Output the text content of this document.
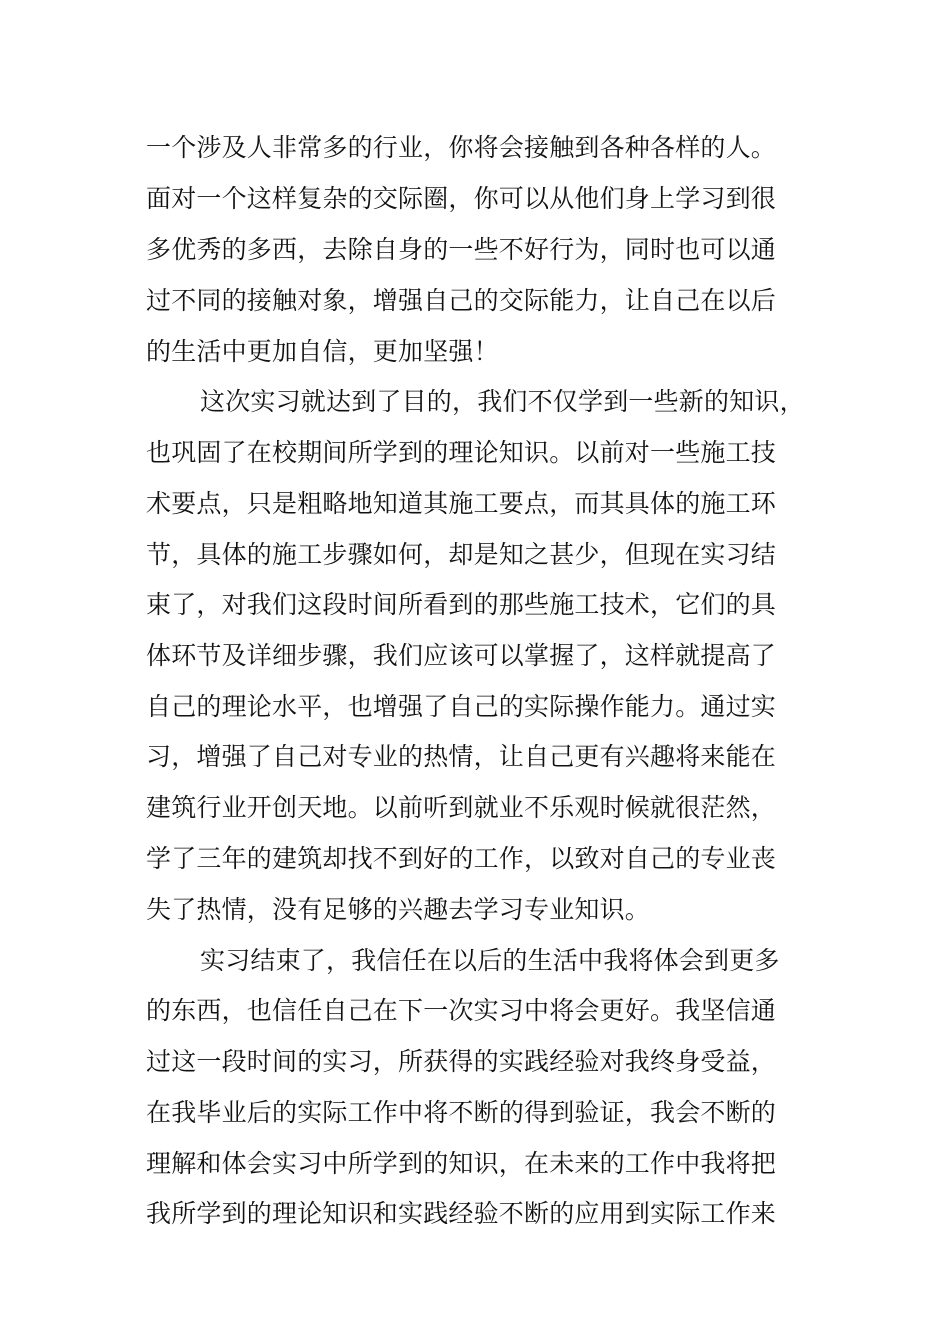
一个涉及人非常多的行业，你将会接触到各种各样的人。
面对一个这样复杂的交际圈，你可以从他们身上学习到很
多优秀的多西，去除自身的一些不好行为，同时也可以通
过不同的接触对象，增强自己的交际能力，让自己在以后
的生活中更加自信，更加坚强！
这次实习就达到了目的，我们不仅学到一些新的知识，
也巩固了在校期间所学到的理论知识。以前对一些施工技
术要点，只是粗略地知道其施工要点，而其具体的施工环
节，具体的施工步骤如何，却是知之甚少，但现在实习结
束了，对我们这段时间所看到的那些施工技术，它们的具
体环节及详细步骤，我们应该可以掌握了，这样就提高了
自己的理论水平，也增强了自己的实际操作能力。通过实
习，增强了自己对专业的热情，让自己更有兴趣将来能在
建筑行业开创天地。以前听到就业不乐观时候就很茫然，
学了三年的建筑却找不到好的工作，以致对自己的专业丧
失了热情，没有足够的兴趣去学习专业知识。
实习结束了，我信任在以后的生活中我将体会到更多
的东西，也信任自己在下一次实习中将会更好。我坚信通
过这一段时间的实习，所获得的实践经验对我终身受益，
在我毕业后的实际工作中将不断的得到验证，我会不断的
理解和体会实习中所学到的知识，在未来的工作中我将把
我所学到的理论知识和实践经验不断的应用到实际工作来
